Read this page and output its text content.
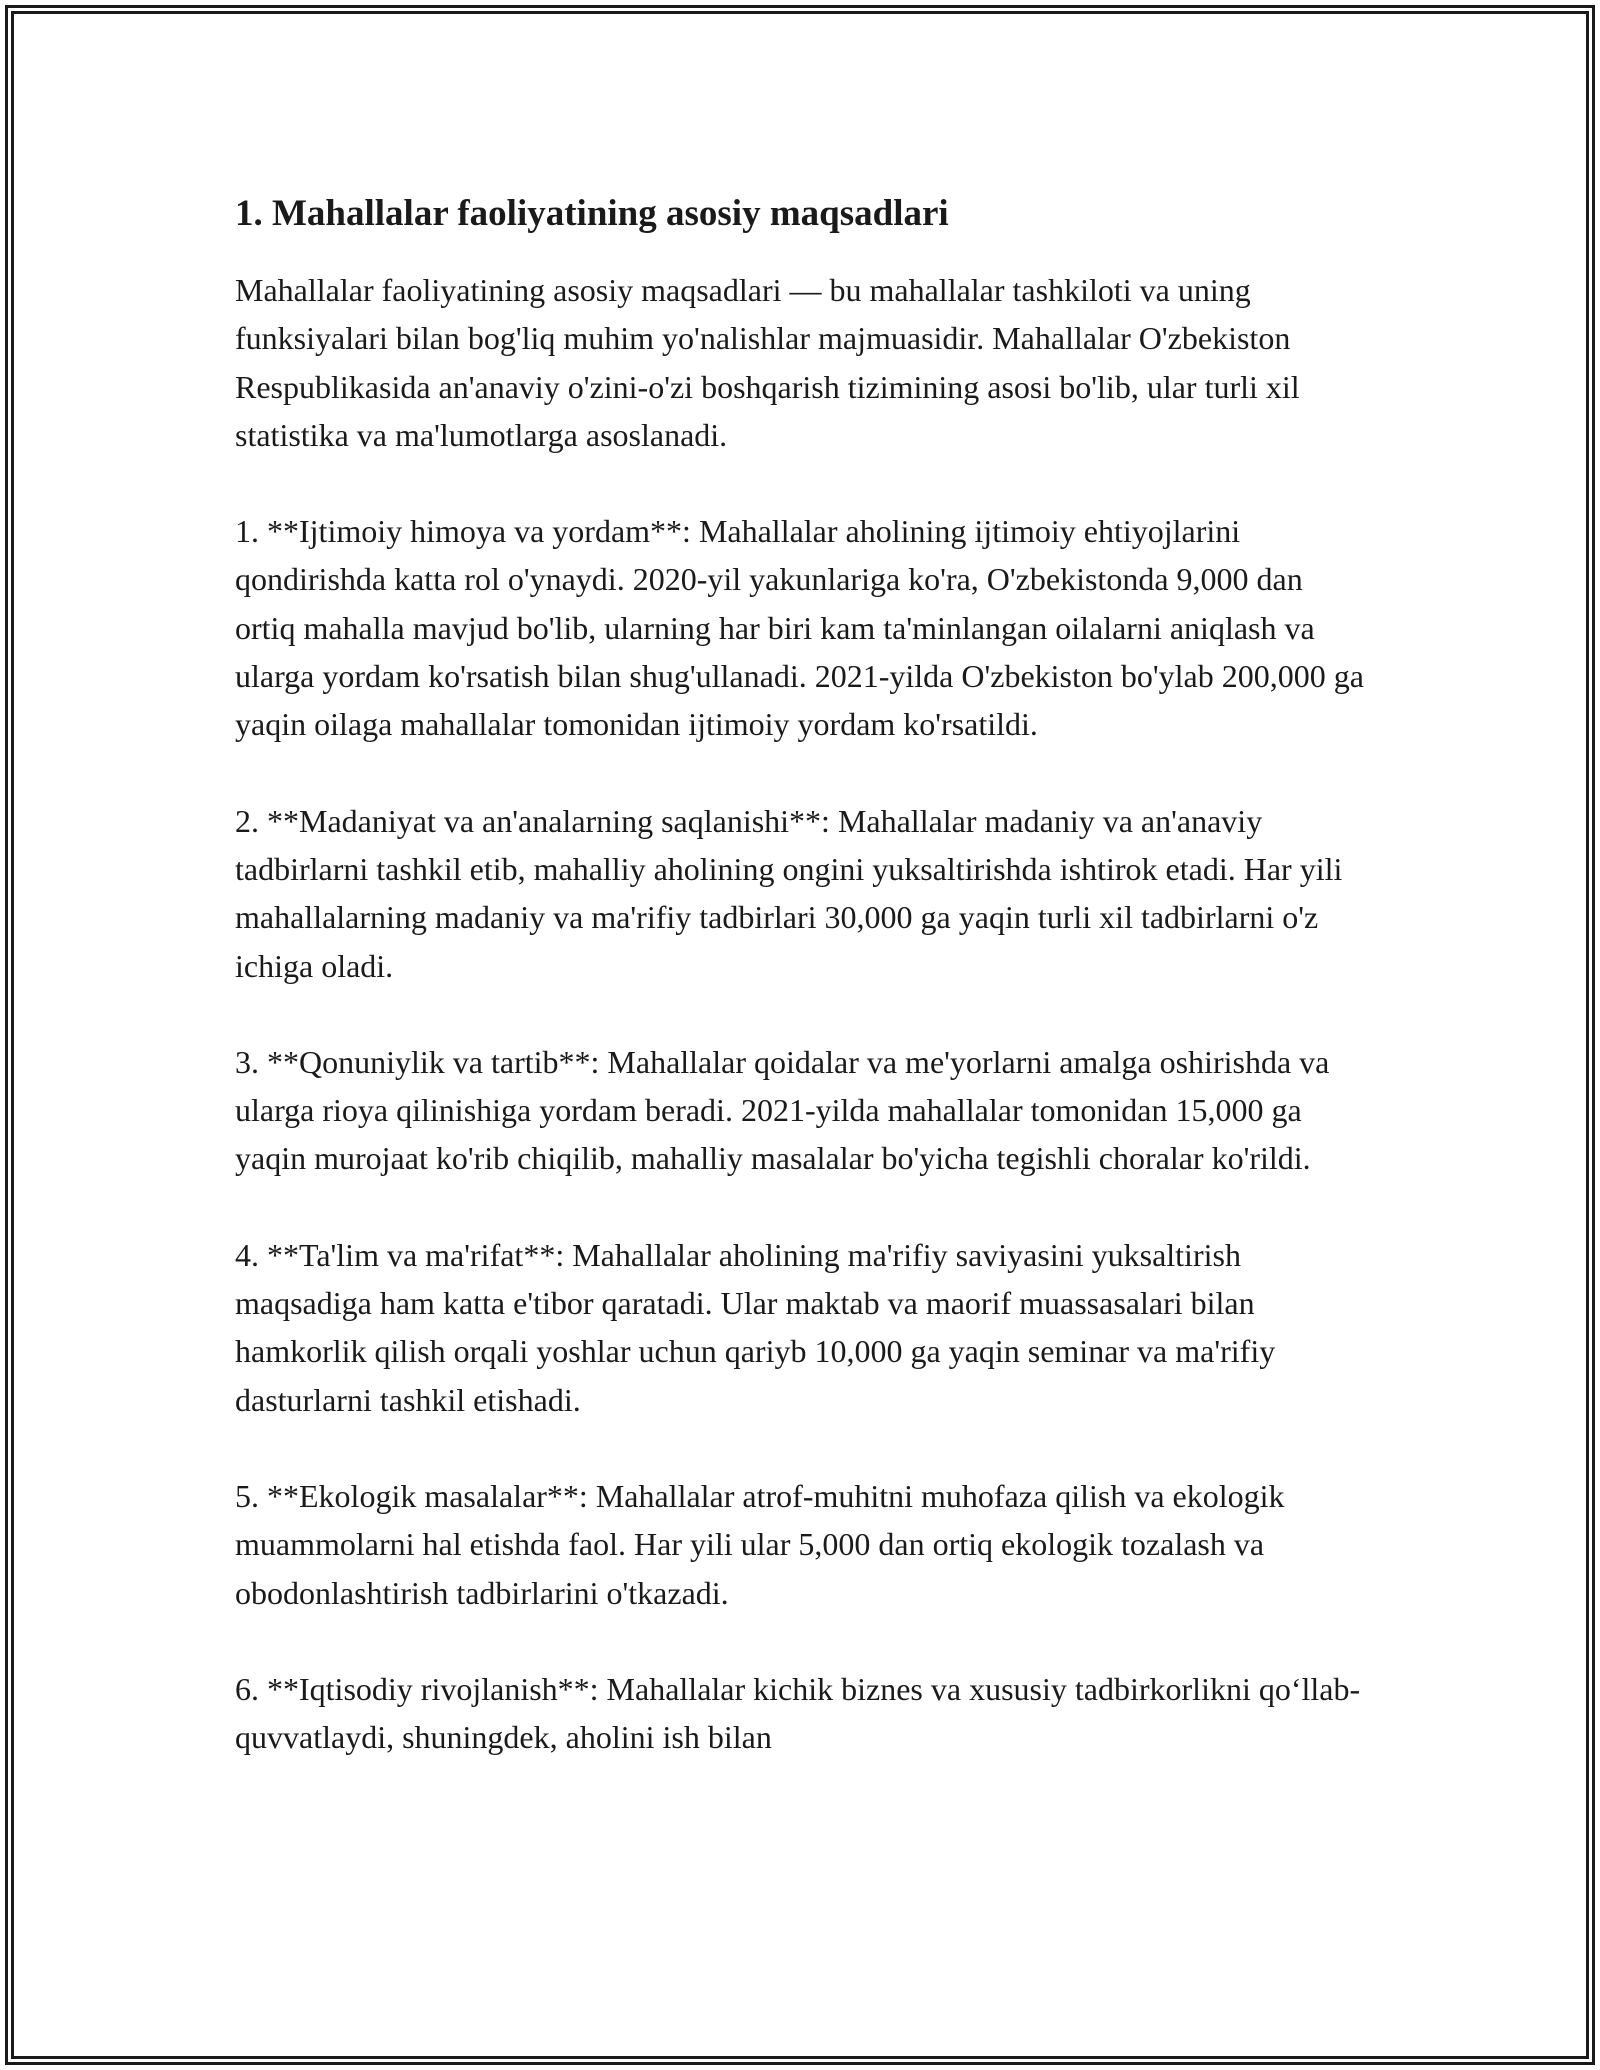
1. Mahallalar faoliyatining asosiy maqsadlari

Mahallalar faoliyatining asosiy maqsadlari — bu mahallalar tashkiloti va uning funksiyalari bilan bog'liq muhim yo'nalishlar majmuasidir. Mahallalar O'zbekiston Respublikasida an'anaviy o'zini-o'zi boshqarish tizimining asosi bo'lib, ular turli xil statistika va ma'lumotlarga asoslanadi.

1. **Ijtimoiy himoya va yordam**: Mahallalar aholining ijtimoiy ehtiyojlarini qondirishda katta rol o'ynaydi. 2020-yil yakunlariga ko'ra, O'zbekistonda 9,000 dan ortiq mahalla mavjud bo'lib, ularning har biri kam ta'minlangan oilalarni aniqlash va ularga yordam ko'rsatish bilan shug'ullanadi. 2021-yilda O'zbekiston bo'ylab 200,000 ga yaqin oilaga mahallalar tomonidan ijtimoiy yordam ko'rsatildi.

2. **Madaniyat va an'analarning saqlanishi**: Mahallalar madaniy va an'anaviy tadbirlarni tashkil etib, mahalliy aholining ongini yuksaltirishda ishtirok etadi. Har yili mahallalarning madaniy va ma'rifiy tadbirlari 30,000 ga yaqin turli xil tadbirlarni o'z ichiga oladi.

3. **Qonuniylik va tartib**: Mahallalar qoidalar va me'yorlarni amalga oshirishda va ularga rioya qilinishiga yordam beradi. 2021-yilda mahallalar tomonidan 15,000 ga yaqin murojaat ko'rib chiqilib, mahalliy masalalar bo'yicha tegishli choralar ko'rildi.

4. **Ta'lim va ma'rifat**: Mahallalar aholining ma'rifiy saviyasini yuksaltirish maqsadiga ham katta e'tibor qaratadi. Ular maktab va maorif muassasalari bilan hamkorlik qilish orqali yoshlar uchun qariyb 10,000 ga yaqin seminar va ma'rifiy dasturlarni tashkil etishadi.

5. **Ekologik masalalar**: Mahallalar atrof-muhitni muhofaza qilish va ekologik muammolarni hal etishda faol. Har yili ular 5,000 dan ortiq ekologik tozalash va obodonlashtirish tadbirlarini o'tkazadi.

6. **Iqtisodiy rivojlanish**: Mahallalar kichik biznes va xususiy tadbirkorlikni qo‘llab-quvvatlaydi, shuningdek, aholini ish bilan
